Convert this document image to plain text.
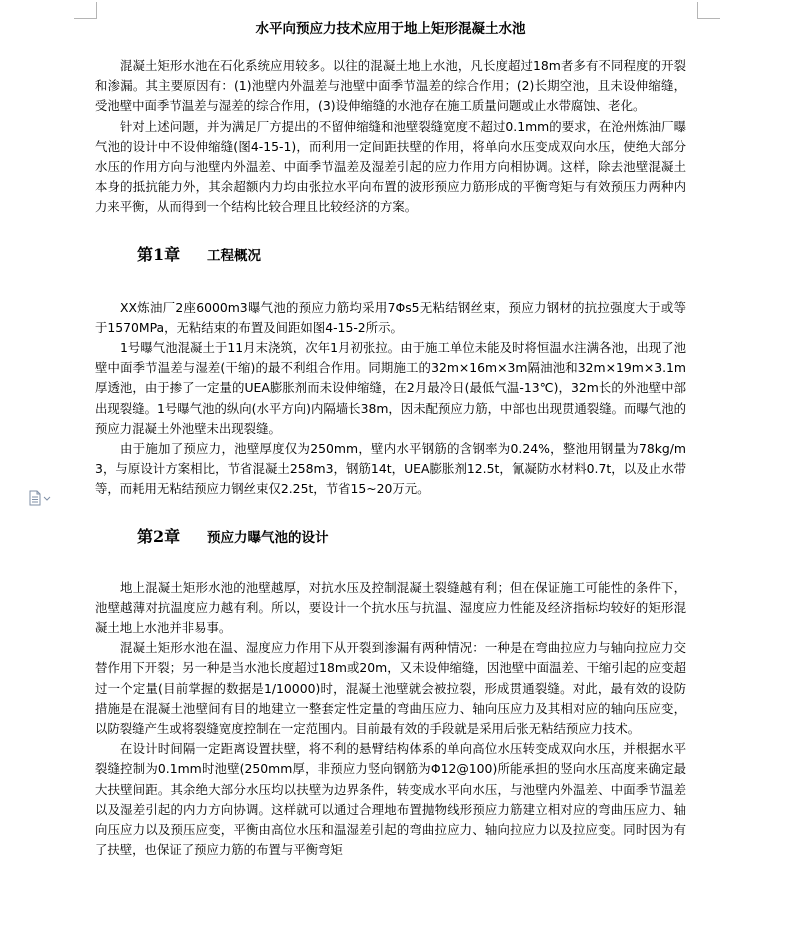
水平向预应力技术应用于地上矩形混凝土水池

混凝土矩形水池在石化系统应用较多。以往的混凝土地上水池，凡长度超过18m者多有不同程度的开裂和渗漏。其主要原因有：(1)池壁内外温差与池壁中面季节温差的综合作用；(2)长期空池，且未设伸缩缝，受池壁中面季节温差与湿差的综合作用，(3)设伸缩缝的水池存在施工质量问题或止水带腐蚀、老化。

针对上述问题，并为满足厂方提出的不留伸缩缝和池壁裂缝宽度不超过0.1mm的要求，在沧州炼油厂曝气池的设计中不设伸缩缝(图4-15-1)，而利用一定间距扶壁的作用，将单向水压变成双向水压，使绝大部分水压的作用方向与池壁内外温差、中面季节温差及湿差引起的应力作用方向相协调。这样，除去池壁混凝土本身的抵抗能力外，其余超额内力均由张拉水平向布置的波形预应力筋形成的平衡弯矩与有效预压力两种内力来平衡，从而得到一个结构比较合理且比较经济的方案。

第1章	工程概况

XX炼油厂2座6000m3曝气池的预应力筋均采用7Φs5无粘结钢丝束，预应力钢材的抗拉强度大于或等于1570MPa，无粘结束的布置及间距如图4-15-2所示。

1号曝气池混凝土于11月末浇筑，次年1月初张拉。由于施工单位未能及时将恒温水注满各池，出现了池壁中面季节温差与湿差(干缩)的最不利组合作用。同期施工的32m×16m×3m隔油池和32m×19m×3.1m厚透池，由于掺了一定量的UEA膨胀剂而未设伸缩缝，在2月最冷日(最低气温-13℃)，32m长的外池壁中部出现裂缝。1号曝气池的纵向(水平方向)内隔墙长38m，因未配预应力筋，中部也出现贯通裂缝。而曝气池的预应力混凝土外池壁未出现裂缝。

由于施加了预应力，池壁厚度仅为250mm，壁内水平钢筋的含钢率为0.24%，整池用钢量为78kg/m3，与原设计方案相比，节省混凝土258m3，钢筋14t，UEA膨胀剂12.5t，氰凝防水材料0.7t，以及止水带等，而耗用无粘结预应力钢丝束仅2.25t，节省15~20万元。

第2章	预应力曝气池的设计

地上混凝土矩形水池的池壁越厚，对抗水压及控制混凝土裂缝越有利；但在保证施工可能性的条件下，池壁越薄对抗温度应力越有利。所以，要设计一个抗水压与抗温、湿度应力性能及经济指标均较好的矩形混凝土地上水池并非易事。

混凝土矩形水池在温、湿度应力作用下从开裂到渗漏有两种情况：一种是在弯曲拉应力与轴向拉应力交替作用下开裂；另一种是当水池长度超过18m或20m，又未设伸缩缝，因池壁中面温差、干缩引起的应变超过一个定量(目前掌握的数据是1/10000)时，混凝土池壁就会被拉裂，形成贯通裂缝。对此，最有效的设防措施是在混凝土池壁间有目的地建立一整套定性定量的弯曲压应力、轴向压应力及其相对应的轴向压应变，以防裂缝产生或将裂缝宽度控制在一定范围内。目前最有效的手段就是采用后张无粘结预应力技术。

在设计时间隔一定距离设置扶壁，将不利的悬臂结构体系的单向高位水压转变成双向水压，并根据水平裂缝控制为0.1mm时池壁(250mm厚，非预应力竖向钢筋为Φ12@100)所能承担的竖向水压高度来确定最大扶壁间距。其余绝大部分水压均以扶壁为边界条件，转变成水平向水压，与池壁内外温差、中面季节温差以及湿差引起的内力方向协调。这样就可以通过合理地布置抛物线形预应力筋建立相对应的弯曲压应力、轴向压应力以及预压应变，平衡由高位水压和温湿差引起的弯曲拉应力、轴向拉应力以及拉应变。同时因为有了扶壁，也保证了预应力筋的布置与平衡弯矩
